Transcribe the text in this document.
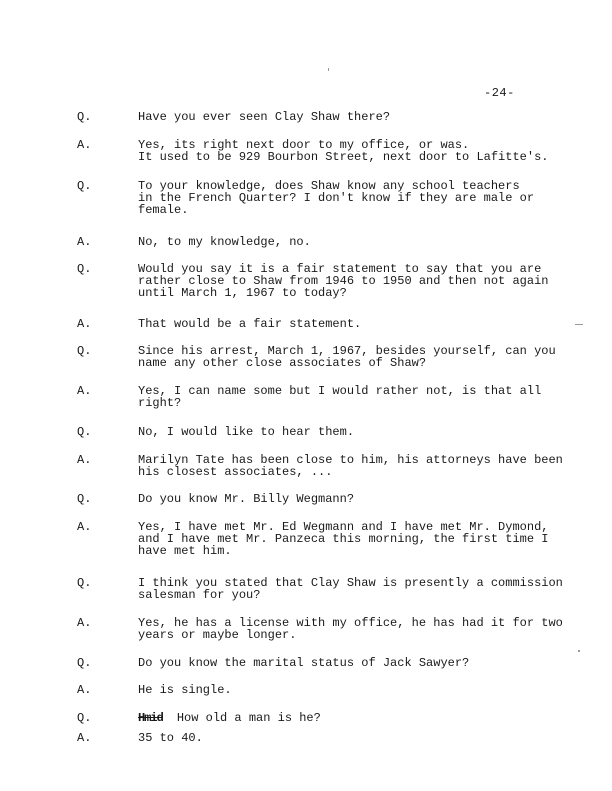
-24-
Q.	Have you ever seen Clay Shaw there?
A.	Yes, its right next door to my office, or was.
It used to be 929 Bourbon Street, next door to Lafitte's.
Q.	To your knowledge, does Shaw know any school teachers
in the French Quarter? I don't know if they are male or
female.
A.	No, to my knowledge, no.
Q.	Would you say it is a fair statement to say that you are
rather close to Shaw from 1946 to 1950 and then not again
until March 1, 1967 to today?
A.	That would be a fair statement.
Q.	Since his arrest, March 1, 1967, besides yourself, can you
name any other close associates of Shaw?
A.	Yes, I can name some but I would rather not, is that all
right?
Q.	No, I would like to hear them.
A.	Marilyn Tate has been close to him, his attorneys have been
his closest associates, ...
Q.	Do you know Mr. Billy Wegmann?
A.	Yes, I have met Mr. Ed Wegmann and I have met Mr. Dymond,
and I have met Mr. Panzeca this morning, the first time I
have met him.
Q.	I think you stated that Clay Shaw is presently a commission
salesman for you?
A.	Yes, he has a license with my office, he has had it for two
years or maybe longer.
Q.	Do you know the marital status of Jack Sawyer?
A.	He is single.
Q.	Hmid How old a man is he?
A.	35 to 40.
